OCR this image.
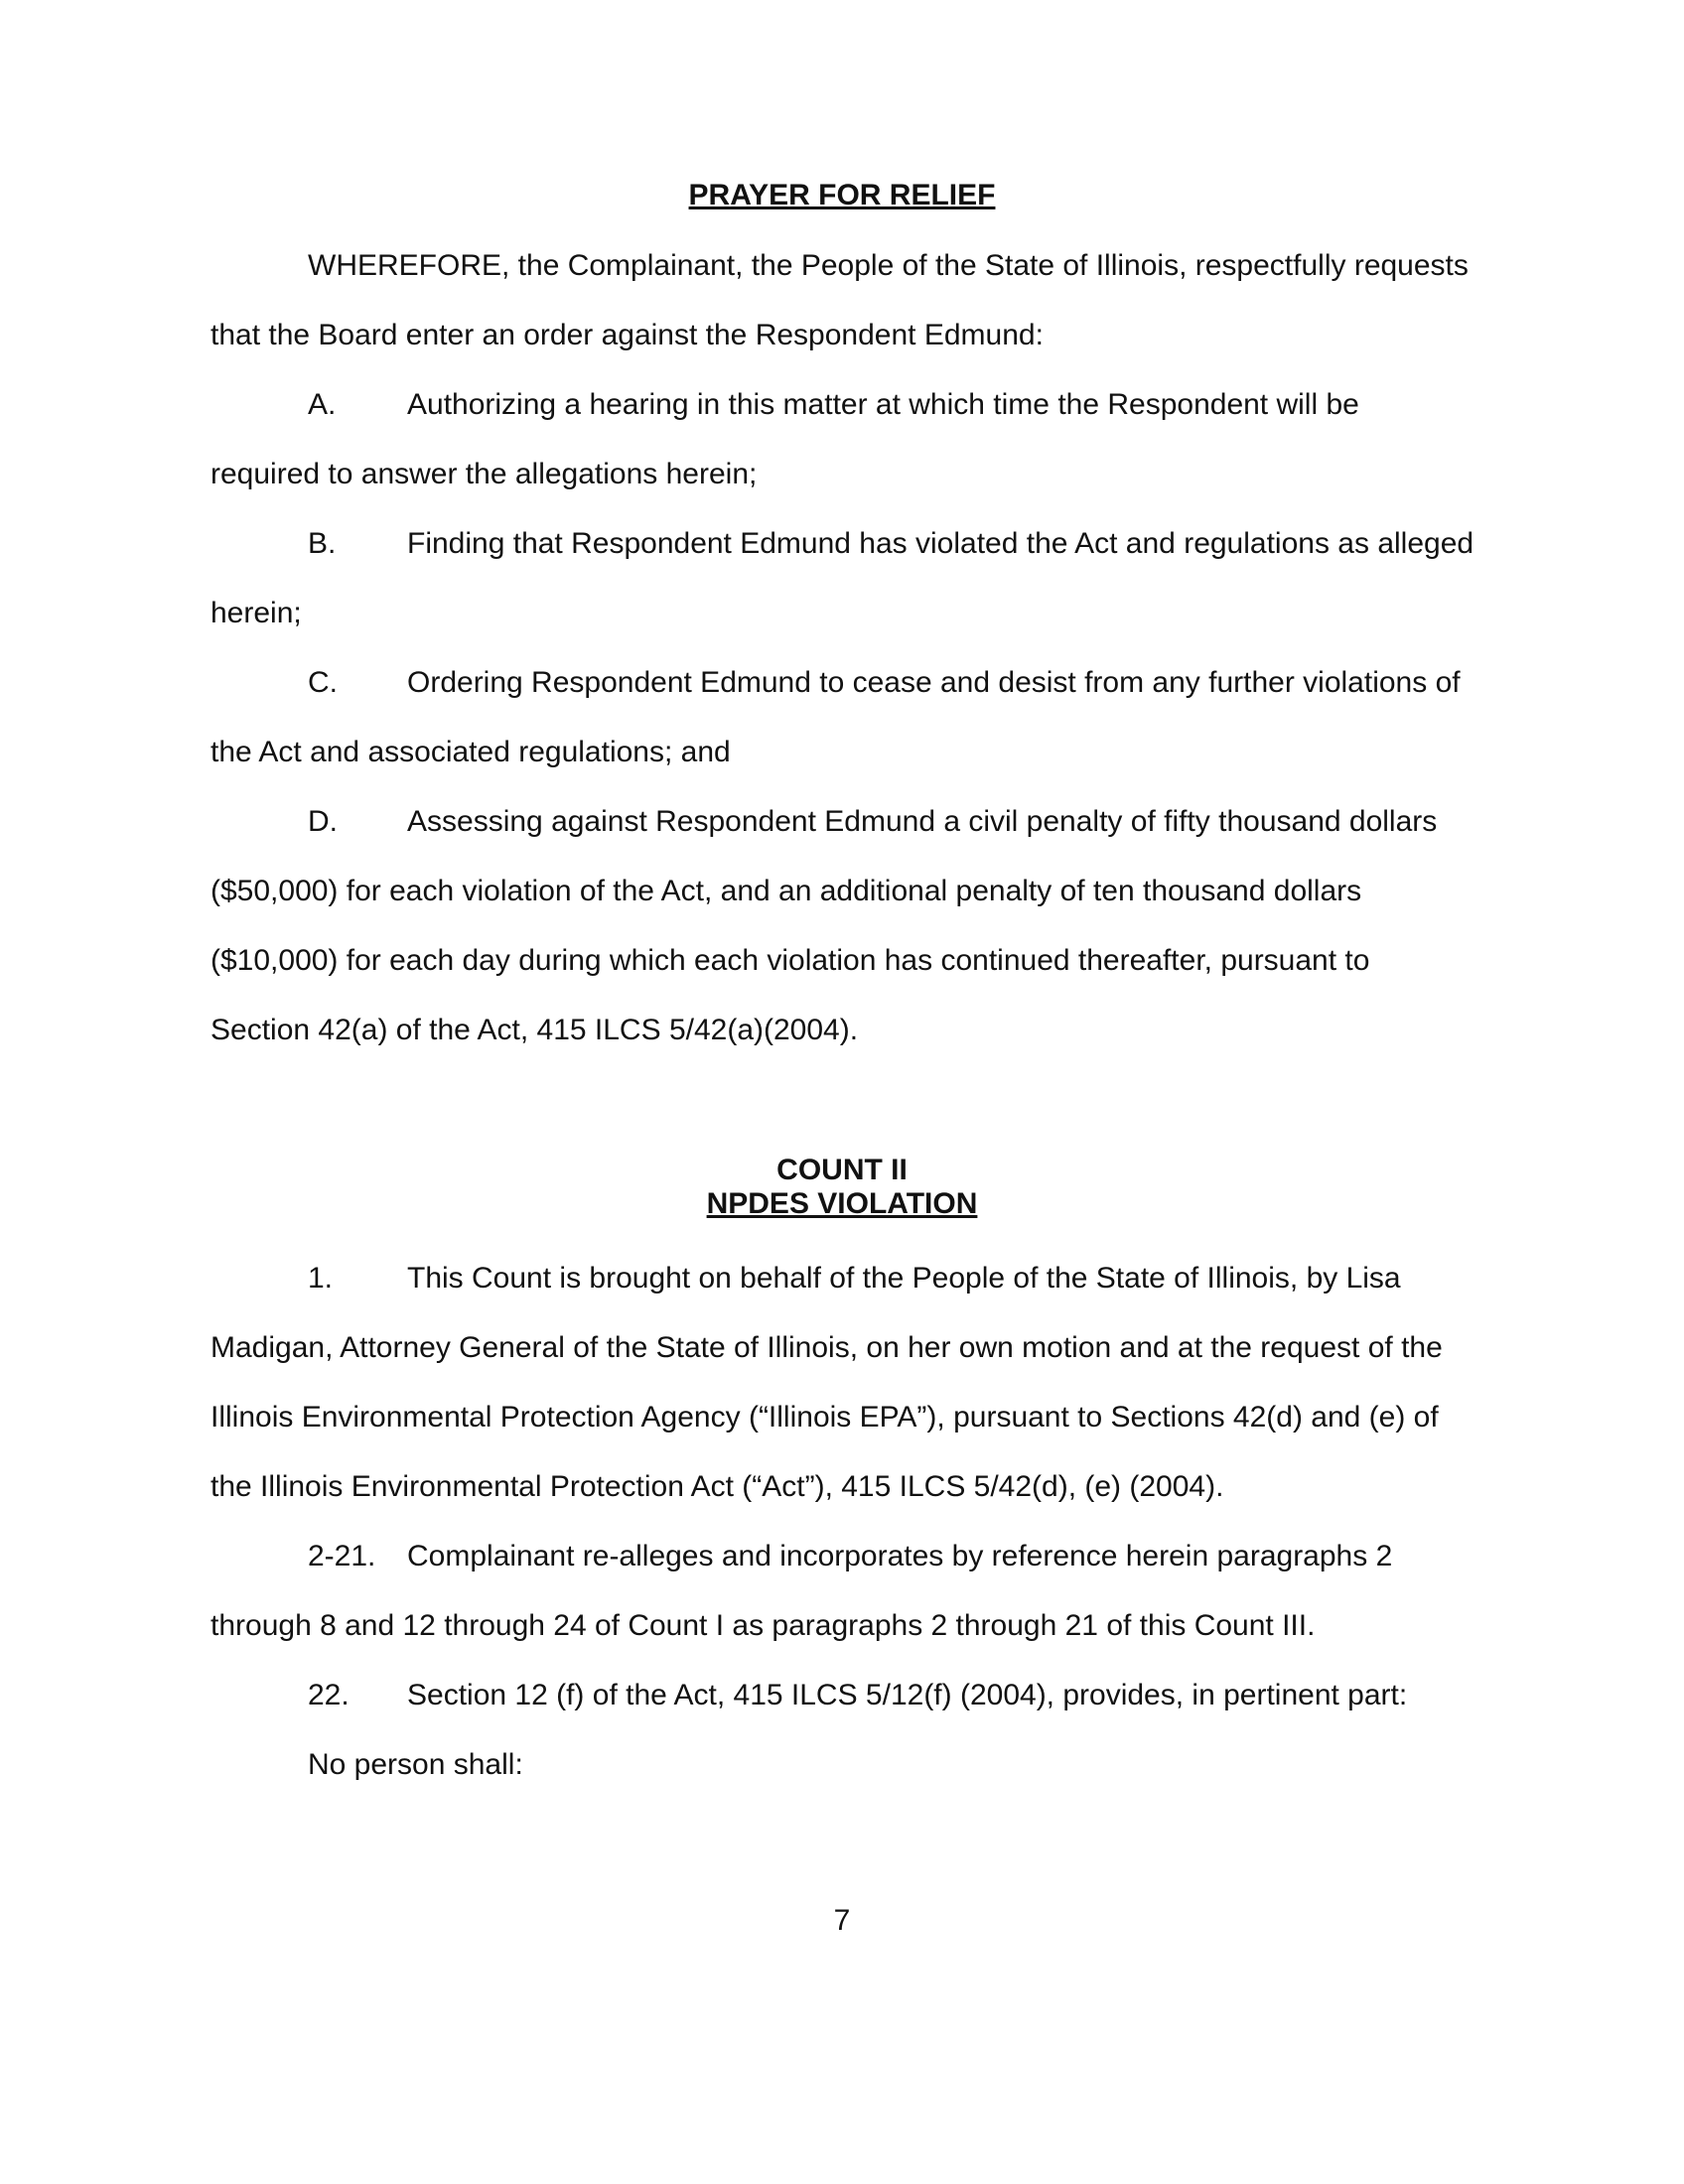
PRAYER FOR RELIEF
WHEREFORE, the Complainant, the People of the State of Illinois, respectfully requests
that the Board enter an order against the Respondent Edmund:
A. Authorizing a hearing in this matter at which time the Respondent will be
required to answer the allegations herein;
B. Finding that Respondent Edmund has violated the Act and regulations as alleged
herein;
C. Ordering Respondent Edmund to cease and desist from any further violations of
the Act and associated regulations; and
D. Assessing against Respondent Edmund a civil penalty of fifty thousand dollars
($50,000) for each violation of the Act, and an additional penalty of ten thousand dollars
($10,000) for each day during which each violation has continued thereafter, pursuant to
Section 42(a) of the Act, 415 ILCS 5/42(a)(2004).
COUNT II
NPDES VIOLATION
1. This Count is brought on behalf of the People of the State of Illinois, by Lisa
Madigan, Attorney General of the State of Illinois, on her own motion and at the request of the
Illinois Environmental Protection Agency (“Illinois EPA”), pursuant to Sections 42(d) and (e) of
the Illinois Environmental Protection Act (“Act”), 415 ILCS 5/42(d), (e) (2004).
2-21. Complainant re-alleges and incorporates by reference herein paragraphs 2
through 8 and 12 through 24 of Count I as paragraphs 2 through 21 of this Count III.
22. Section 12 (f) of the Act, 415 ILCS 5/12(f) (2004), provides, in pertinent part:
No person shall:
7
